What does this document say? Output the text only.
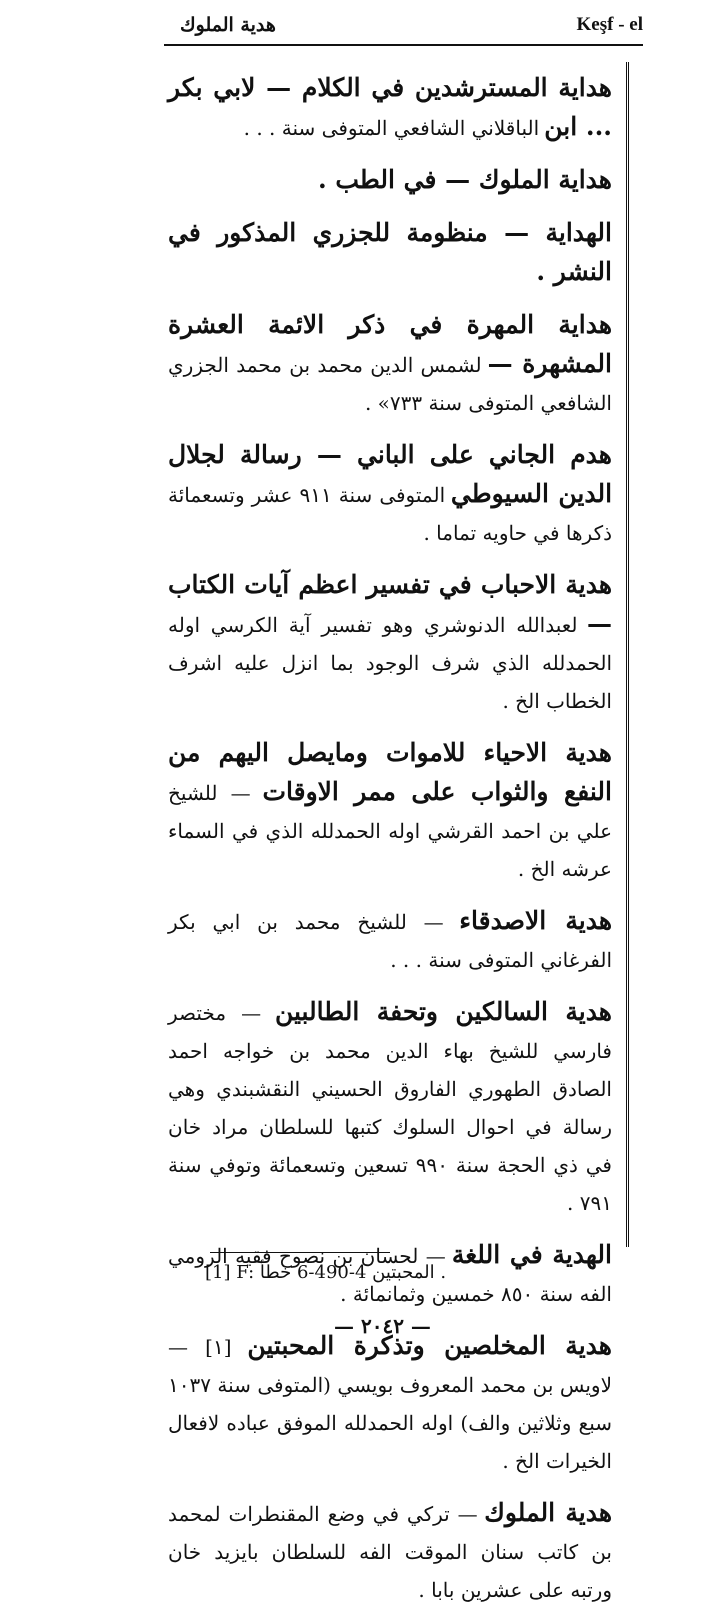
هدية الملوك	Keşf - el
هداية المسترشدين في الكلام — لابي بكر ... ابن الباقلاني الشافعي المتوفى سنة . . .
هداية الملوك — في الطب .
الهداية — منظومة للجزري المذكور في النشر .
هداية المهرة في ذكر الائمة العشرة المشهرة — لشمس الدين محمد بن محمد الجزري الشافعي المتوفى سنة ٧٣٣» .
هدم الجاني على الباني — رسالة لجلال الدين السيوطي المتوفى سنة ٩١١ عشر وتسعمائة ذكرها في حاويه تماما .
هدية الاحباب في تفسير اعظم آيات الكتاب — لعبدالله الدنوشري وهو تفسير آية الكرسي اوله الحمدلله الذي شرف الوجود بما انزل عليه اشرف الخطاب الخ .
هدية الاحياء للاموات ومايصل اليهم من النفع والثواب على ممر الاوقات — للشيخ علي بن احمد القرشي اوله الحمدلله الذي في السماء عرشه الخ .
هدية الاصدقاء — للشيخ محمد بن ابي بكر الفرغاني المتوفى سنة . . .
هدية السالكين وتحفة الطالبين — مختصر فارسي للشيخ بهاء الدين محمد بن خواجه احمد الصادق الطهوري الفاروق الحسيني النقشبندي وهي رسالة في احوال السلوك كتبها للسلطان مراد خان في ذي الحجة سنة ٩٩٠ تسعين وتسعمائة وتوفي سنة ٧٩١ .
الهدية في اللغة — لحسان بن نصوح فقيه الرومي الفه سنة ٨٥٠ خمسين وثمانمائة .
هدية المخلصين وتذكرة المحبتين [١] — لاويس بن محمد المعروف بويسي (المتوفى سنة ١٠٣٧ سبع وثلاثين والف) اوله الحمدلله الموفق عباده لافعال الخيرات الخ .
هدية الملوك — تركي في وضع المقنطرات لمحمد بن كاتب سنان الموقت الفه للسلطان بايزيد خان ورتبه على عشرين بابا .
[1] F: المحبتين 4-490-6 خطأ .
— ٢٠٤٢ —
